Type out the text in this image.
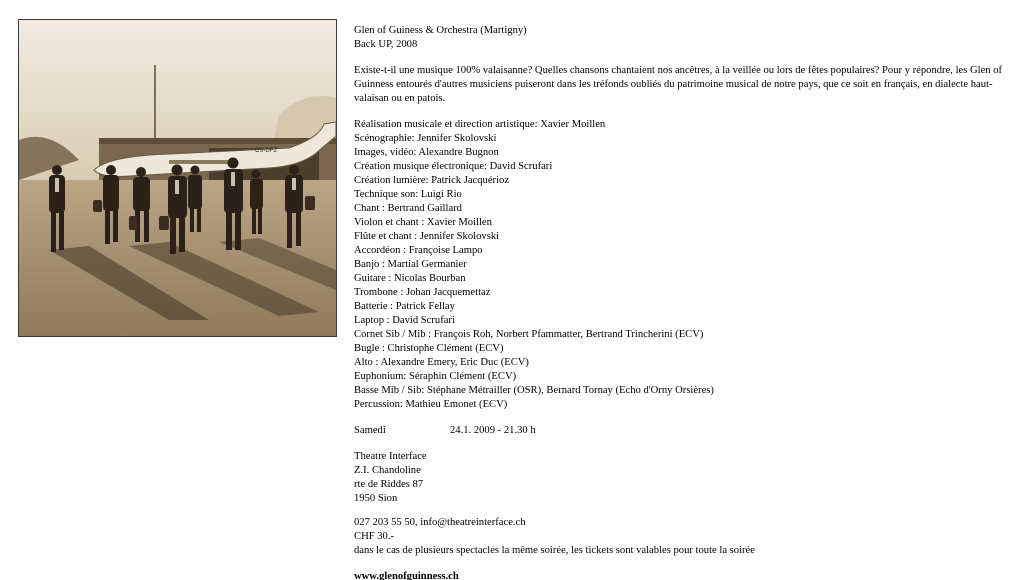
CS-DFZ

Glen of Guiness & Orchestra (Martigny)

Back UP, 2008

Existe-t-il une musique 100% valaisanne? Quelles chansons chantaient nos ancêtres, à la veillée ou lors de fêtes populaires? Pour y répondre, les Glen of Guinness entourés d'autres musiciens puiseront dans les tréfonds oubliés du patrimoine musical de notre pays, que ce soit en français, en dialecte haut-valaisan ou en patois.

Réalisation musicale et direction artistique: Xavier Moillen
Scénographie: Jennifer Skolovski
Images, vidéo: Alexandre Bugnon
Création musique électronique: David Scrufari
Création lumière: Patrick Jacquérioz
Technique son: Luigi Rio
Chant : Bertrand Gaillard
Violon et chant : Xavier Moillen
Flûte et chant : Jennifer Skolovski
Accordéon : Françoise Lampo
Banjo : Martial Germanier
Guitare : Nicolas Bourban
Trombone : Johan Jacquemettaz
Batterie : Patrick Fellay
Laptop : David Scrufari
Cornet Sib / Mib : François Roh, Norbert Pfammatter, Bertrand Trincherini (ECV)
Bugle : Christophe Clément (ECV)
Alto : Alexandre Emery, Eric Duc (ECV)
Euphonium: Séraphin Clément (ECV)
Basse Mib / Sib: Stéphane Métrailler (OSR), Bernard Tornay (Echo d'Orny Orsières)
Percussion: Mathieu Emonet (ECV)
Samedi	24.1. 2009 - 21.30 h

Theatre Interface

Z.I. Chandoline

rte de Riddes 87

1950 Sion

027 203 55 50, info@theatreinterface.ch
CHF 30.-
dans le cas de plusieurs spectacles la même soirée, les tickets sont valables pour toute la soirée
www.glenofguinness.ch
